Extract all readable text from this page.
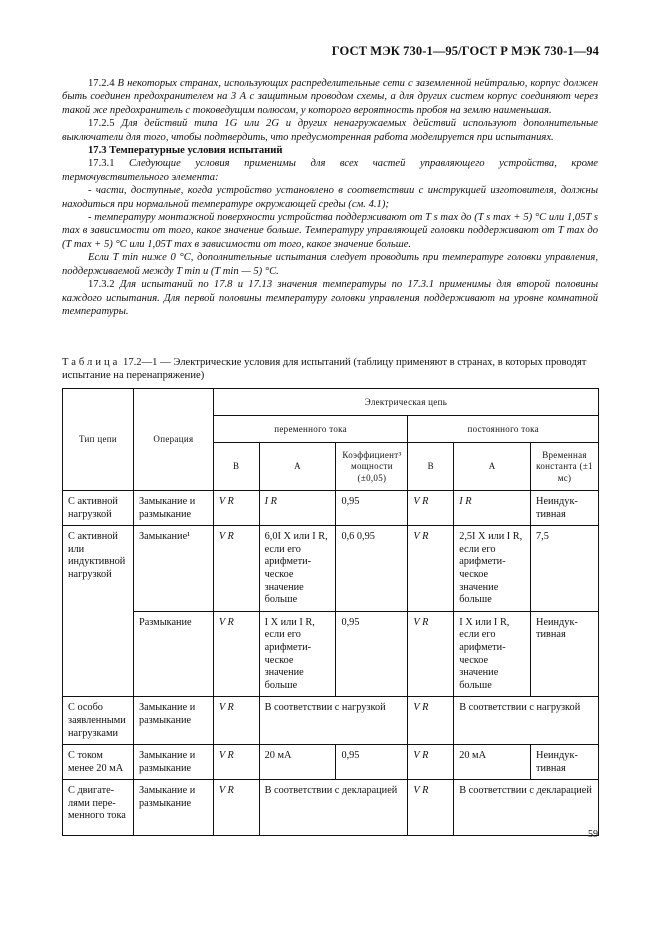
ГОСТ МЭК 730-1—95/ГОСТ Р МЭК 730-1—94

17.2.4 В некоторых странах, использующих распределительные сети с заземленной нейтралью, корпус должен быть соединен предохранителем на 3 А с защитным проводом схемы, а для других систем корпус соединяют через такой же предохранитель с токоведущим полюсом, у которого вероятность пробоя на землю наименьшая.

17.2.5 Для действий типа 1G или 2G и других ненагружаемых действий используют дополнительные выключатели для того, чтобы подтвердить, что предусмотренная работа моделируется при испытаниях.

17.3 Температурные условия испытаний

17.3.1 Следующие условия применимы для всех частей управляющего устройства, кроме термочувствительного элемента:

- части, доступные, когда устройство установлено в соответствии с инструкцией изготовителя, должны находиться при нормальной температуре окружающей среды (см. 4.1);

- температуру монтажной поверхности устройства поддерживают от T s max до (T s max + 5) °С или 1,05T s max в зависимости от того, какое значение больше. Температуру управляющей головки поддерживают от T max до (T max + 5) °С или 1,05T max в зависимости от того, какое значение больше.

Если T min ниже 0 °С, дополнительные испытания следует проводить при температуре головки управления, поддерживаемой между T min и (T min — 5) °С.

17.3.2 Для испытаний по 17.8 и 17.13 значения температуры по 17.3.1 применимы для второй половины каждого испытания. Для первой половины температуру головки управления поддерживают на уровне комнатной температуры.

Таблица 17.2—1 — Электрические условия для испытаний (таблицу применяют в странах, в которых проводят испытание на перенапряжение)
Тип цепи	Операция	Электрическая цепь					
		переменного тока			постоянного тока		
		В	А	Коэффициент³ мощности (±0,05)	В	А	Временная константа (±1 мс)
С активной нагрузкой	Замыкание и размыкание	V R	I R	0,95	V R	I R	Неиндуктивная
С активной или индуктивной нагрузкой	Замыкание¹	V R	6,0I X или I R, если его арифметическое значение больше	0,6 0,95	V R	2,5I X или I R, если его арифметическое значение больше	7,5
	Размыкание	V R	I X или I R, если его арифметическое значение больше	0,95	V R	I X или I R, если его арифметическое значение больше	Неиндуктивная
С особо заявленными нагрузками	Замыкание и размыкание	V R	В соответствии с нагрузкой		V R	В соответствии с нагрузкой	
С током менее 20 мА	Замыкание и размыкание	V R	20 мА	0,95	V R	20 мА	Неиндуктивная
С двигателями переменного тока	Замыкание и размыкание	V R	В соответствии с декларацией		V R	В соответствии с декларацией	
59
